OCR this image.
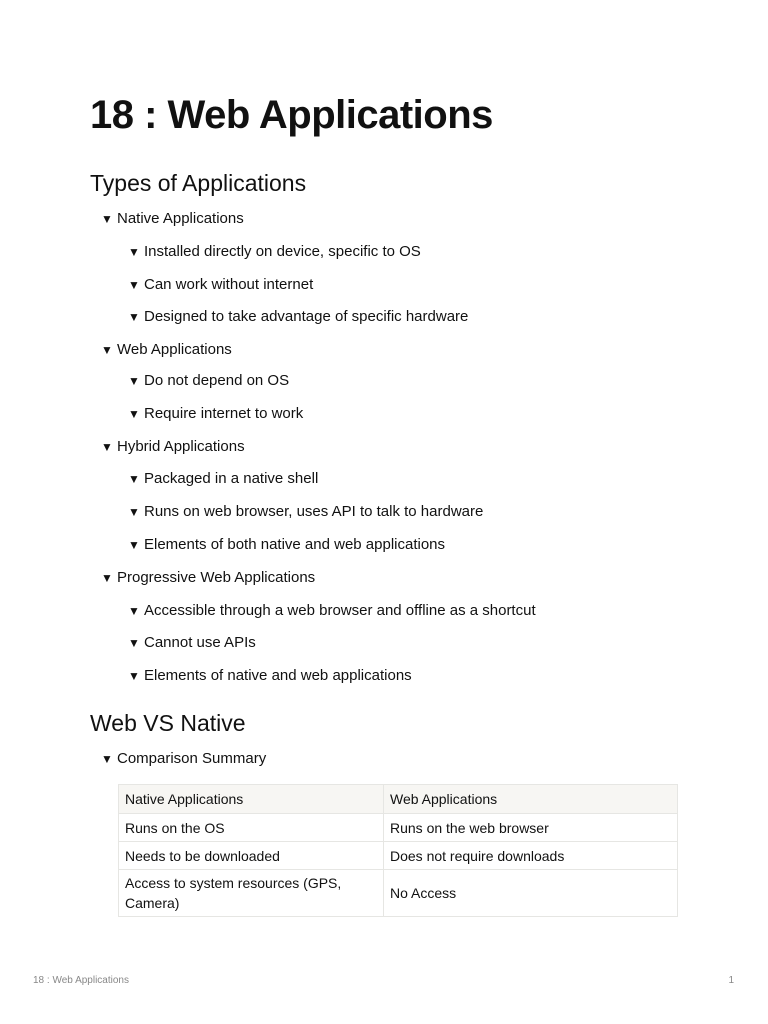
18 : Web Applications
Types of Applications
▼ Native Applications
▼ Installed directly on device, specific to OS
▼ Can work without internet
▼ Designed to take advantage of specific hardware
▼ Web Applications
▼ Do not depend on OS
▼ Require internet to work
▼ Hybrid Applications
▼ Packaged in a native shell
▼ Runs on web browser, uses API to talk to hardware
▼ Elements of both native and web applications
▼ Progressive Web Applications
▼ Accessible through a web browser and offline as a shortcut
▼ Cannot use APIs
▼ Elements of native and web applications
Web VS Native
▼ Comparison Summary
Native Applications	Web Applications
Runs on the OS	Runs on the web browser
Needs to be downloaded	Does not require downloads
Access to system resources (GPS, Camera)	No Access
18 : Web Applications	1
